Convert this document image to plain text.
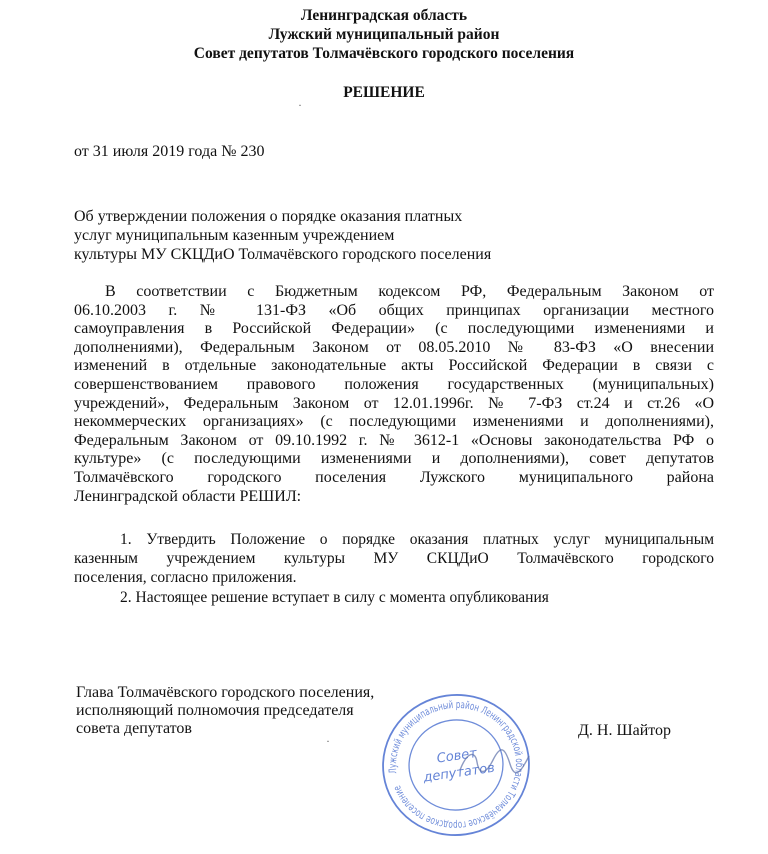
Ленинградская область
Лужский муниципальный район
Совет депутатов Толмачёвского городского поселения
РЕШЕНИЕ
·
от 31 июля 2019 года № 230
Об утверждении положения о порядке оказания платных
услуг муниципальным казенным учреждением
культуры МУ СКЦДиО Толмачёвского городского поселения
В соответствии с Бюджетным кодексом РФ, Федеральным Законом от
06.10.2003 г. № 131-ФЗ «Об общих принципах организации местного
самоуправления в Российской Федерации» (с последующими изменениями и
дополнениями), Федеральным Законом от 08.05.2010 № 83-ФЗ «О внесении
изменений в отдельные законодательные акты Российской Федерации в связи с
совершенствованием правового положения государственных (муниципальных)
учреждений», Федеральным Законом от 12.01.1996г. № 7-ФЗ ст.24 и ст.26 «О
некоммерческих организациях» (с последующими изменениями и дополнениями),
Федеральным Законом от 09.10.1992 г. № 3612-1 «Основы законодательства РФ о
культуре» (с последующими изменениями и дополнениями), совет депутатов
Толмачёвского городского поселения Лужского муниципального района
Ленинградской области РЕШИЛ:
1. Утвердить Положение о порядке оказания платных услуг муниципальным
казенным учреждением культуры МУ СКЦДиО Толмачёвского городского
поселения, согласно приложения.
2. Настоящее решение вступает в силу с момента опубликования
Глава Толмачёвского городского поселения,
исполняющий полномочия председателя
совета депутатов
·
Д. Н. Шайтор
Лужский муниципальный район Ленинградской области Толмачёвское городское поселение
Совет
депутатов
